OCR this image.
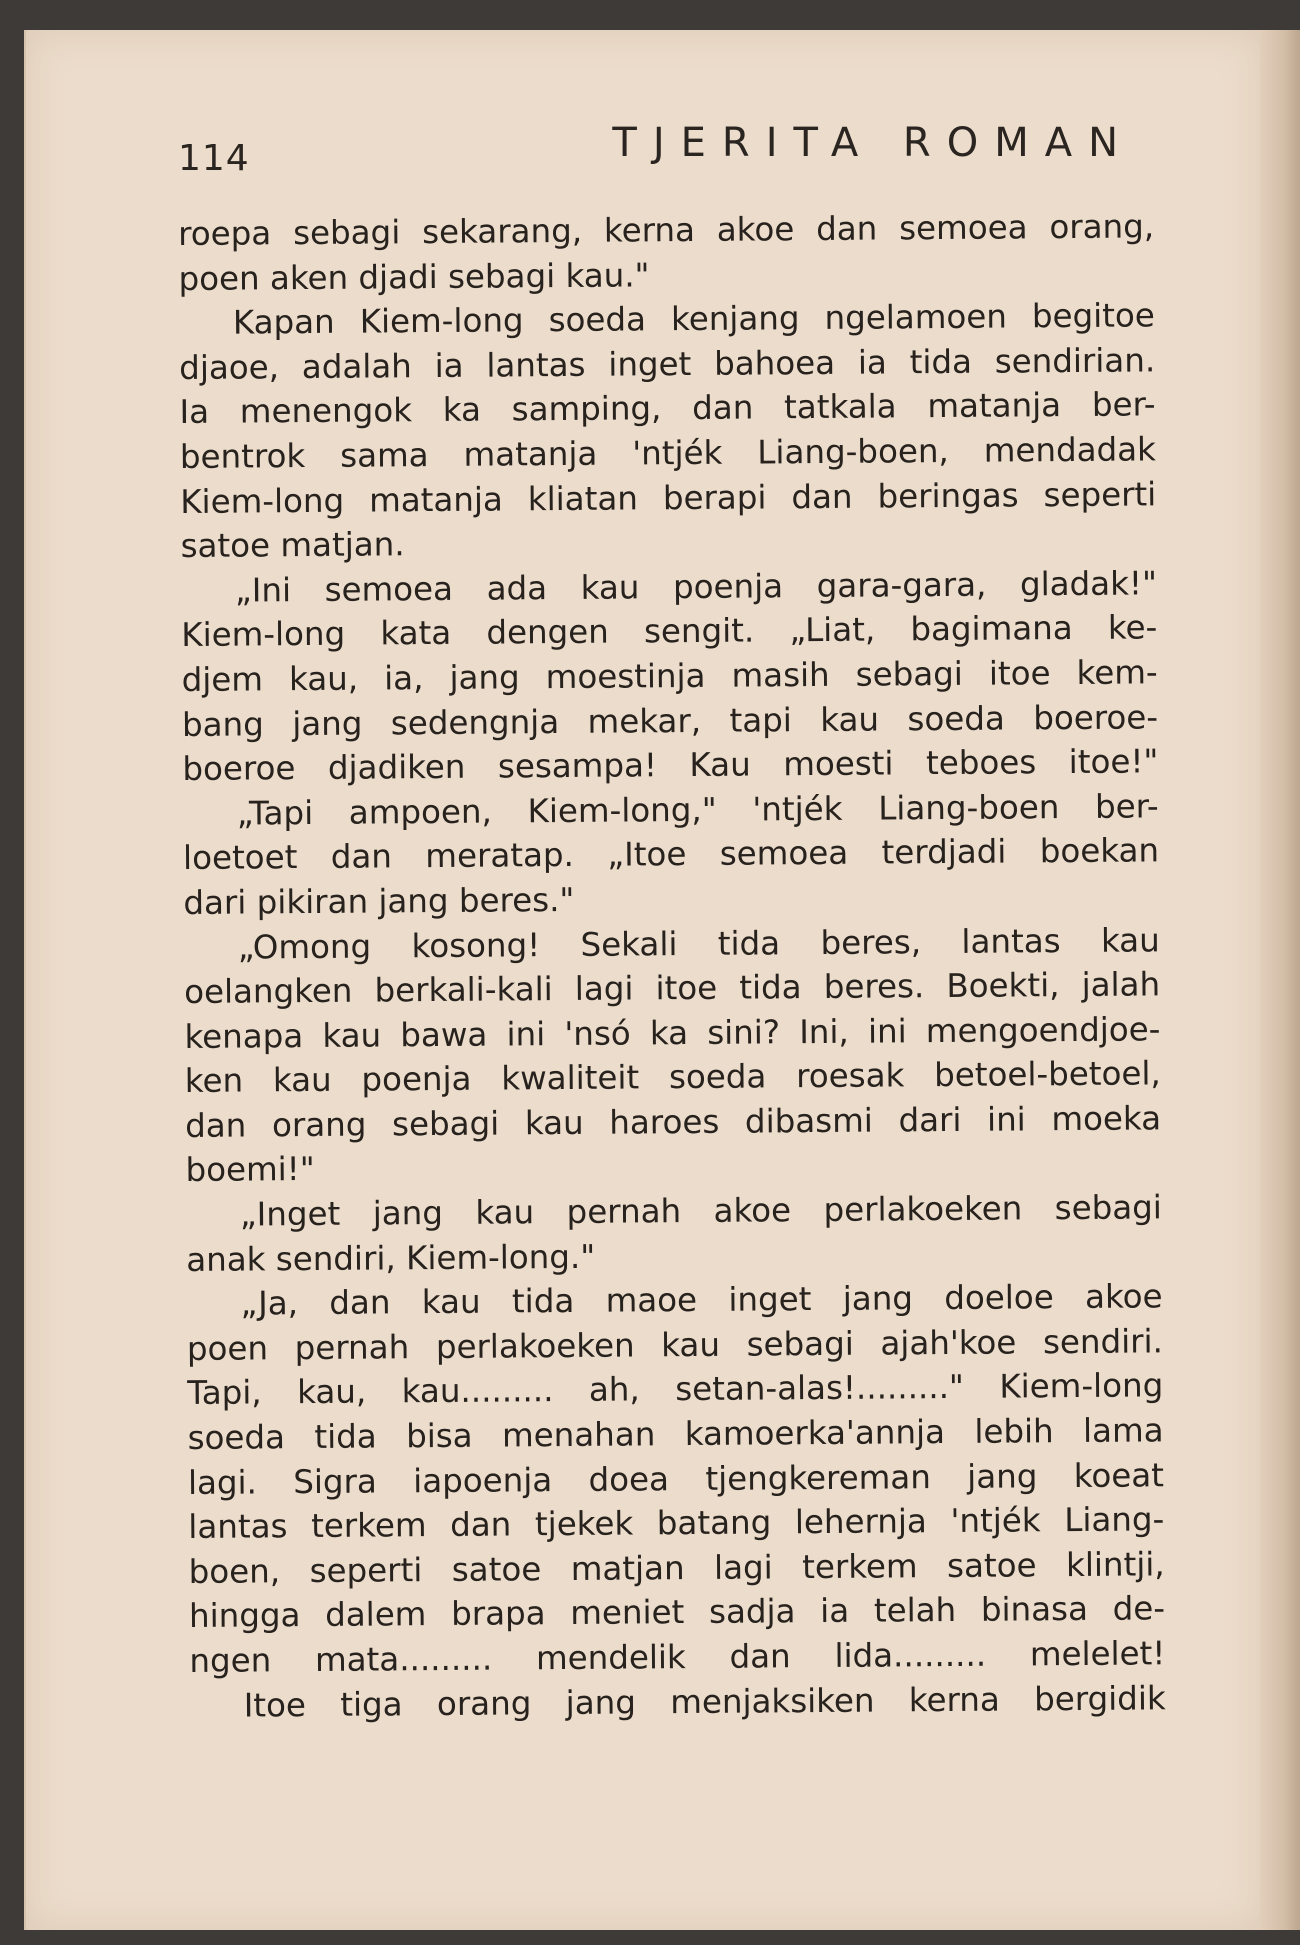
114	TJERITA ROMAN
roepa sebagi sekarang, kerna akoe dan semoea orang,
poen aken djadi sebagi kau."
Kapan Kiem-long soeda kenjang ngelamoen begitoe
djaoe, adalah ia lantas inget bahoea ia tida sendirian.
Ia menengok ka samping, dan tatkala matanja ber-
bentrok sama matanja 'ntjék Liang-boen, mendadak
Kiem-long matanja kliatan berapi dan beringas seperti
satoe matjan.
„Ini semoea ada kau poenja gara-gara, gladak!"
Kiem-long kata dengen sengit. „Liat, bagimana ke-
djem kau, ia, jang moestinja masih sebagi itoe kem-
bang jang sedengnja mekar, tapi kau soeda boeroe-
boeroe djadiken sesampa! Kau moesti teboes itoe!"
„Tapi ampoen, Kiem-long," 'ntjék Liang-boen ber-
loetoet dan meratap. „Itoe semoea terdjadi boekan
dari pikiran jang beres."
„Omong kosong! Sekali tida beres, lantas kau
oelangken berkali-kali lagi itoe tida beres. Boekti, jalah
kenapa kau bawa ini 'nsó ka sini? Ini, ini mengoendjoe-
ken kau poenja kwaliteit soeda roesak betoel-betoel,
dan orang sebagi kau haroes dibasmi dari ini moeka
boemi!"
„Inget jang kau pernah akoe perlakoeken sebagi
anak sendiri, Kiem-long."
„Ja, dan kau tida maoe inget jang doeloe akoe
poen pernah perlakoeken kau sebagi ajah'koe sendiri.
Tapi, kau, kau......... ah, setan-alas!........." Kiem-long
soeda tida bisa menahan kamoerka'annja lebih lama
lagi. Sigra iapoenja doea tjengkereman jang koeat
lantas terkem dan tjekek batang lehernja 'ntjék Liang-
boen, seperti satoe matjan lagi terkem satoe klintji,
hingga dalem brapa meniet sadja ia telah binasa de-
ngen mata......... mendelik dan lida......... melelet!
Itoe tiga orang jang menjaksiken kerna bergidik
